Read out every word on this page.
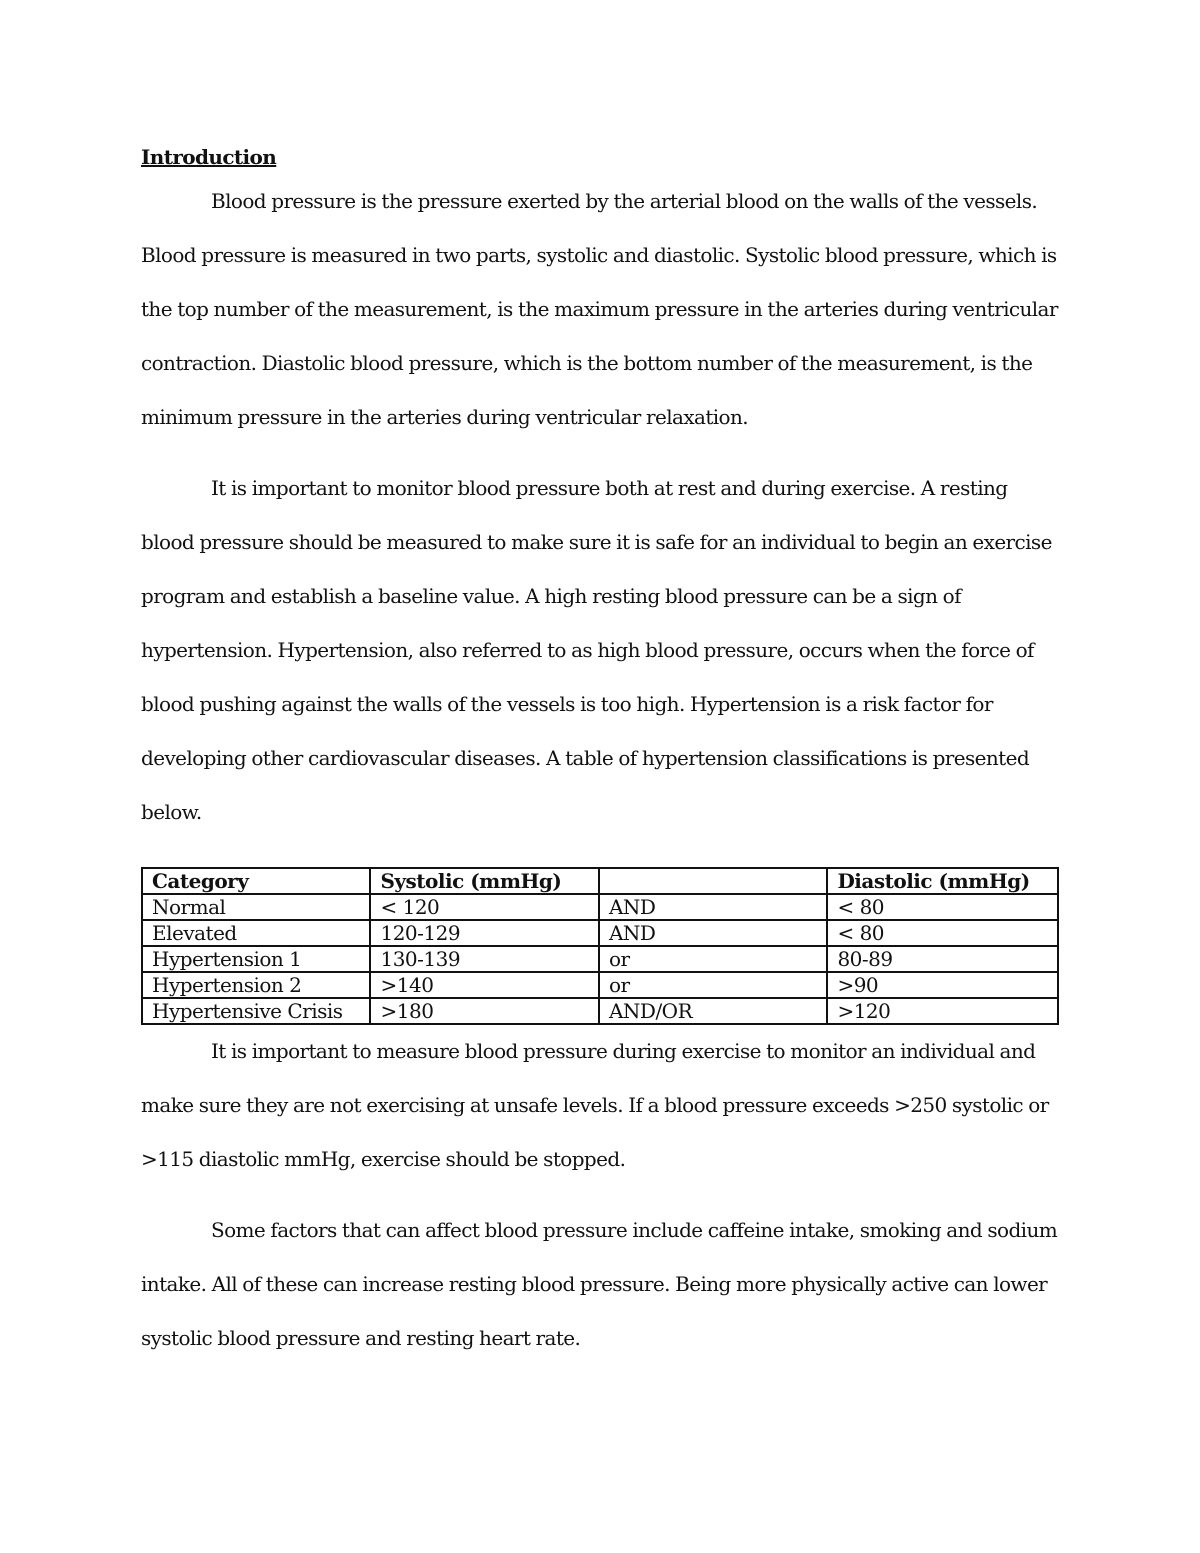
Introduction

Blood pressure is the pressure exerted by the arterial blood on the walls of the vessels. Blood pressure is measured in two parts, systolic and diastolic. Systolic blood pressure, which is the top number of the measurement, is the maximum pressure in the arteries during ventricular contraction. Diastolic blood pressure, which is the bottom number of the measurement, is the minimum pressure in the arteries during ventricular relaxation.

It is important to monitor blood pressure both at rest and during exercise. A resting blood pressure should be measured to make sure it is safe for an individual to begin an exercise program and establish a baseline value. A high resting blood pressure can be a sign of hypertension. Hypertension, also referred to as high blood pressure, occurs when the force of blood pushing against the walls of the vessels is too high. Hypertension is a risk factor for developing other cardiovascular diseases. A table of hypertension classifications is presented below.

Category	Systolic (mmHg)		Diastolic (mmHg)
Normal	< 120	AND	< 80
Elevated	120-129	AND	< 80
Hypertension 1	130-139	or	80-89
Hypertension 2	>140	or	>90
Hypertensive Crisis	>180	AND/OR	>120

It is important to measure blood pressure during exercise to monitor an individual and make sure they are not exercising at unsafe levels. If a blood pressure exceeds >250 systolic or >115 diastolic mmHg, exercise should be stopped.

Some factors that can affect blood pressure include caffeine intake, smoking and sodium intake. All of these can increase resting blood pressure. Being more physically active can lower systolic blood pressure and resting heart rate.
